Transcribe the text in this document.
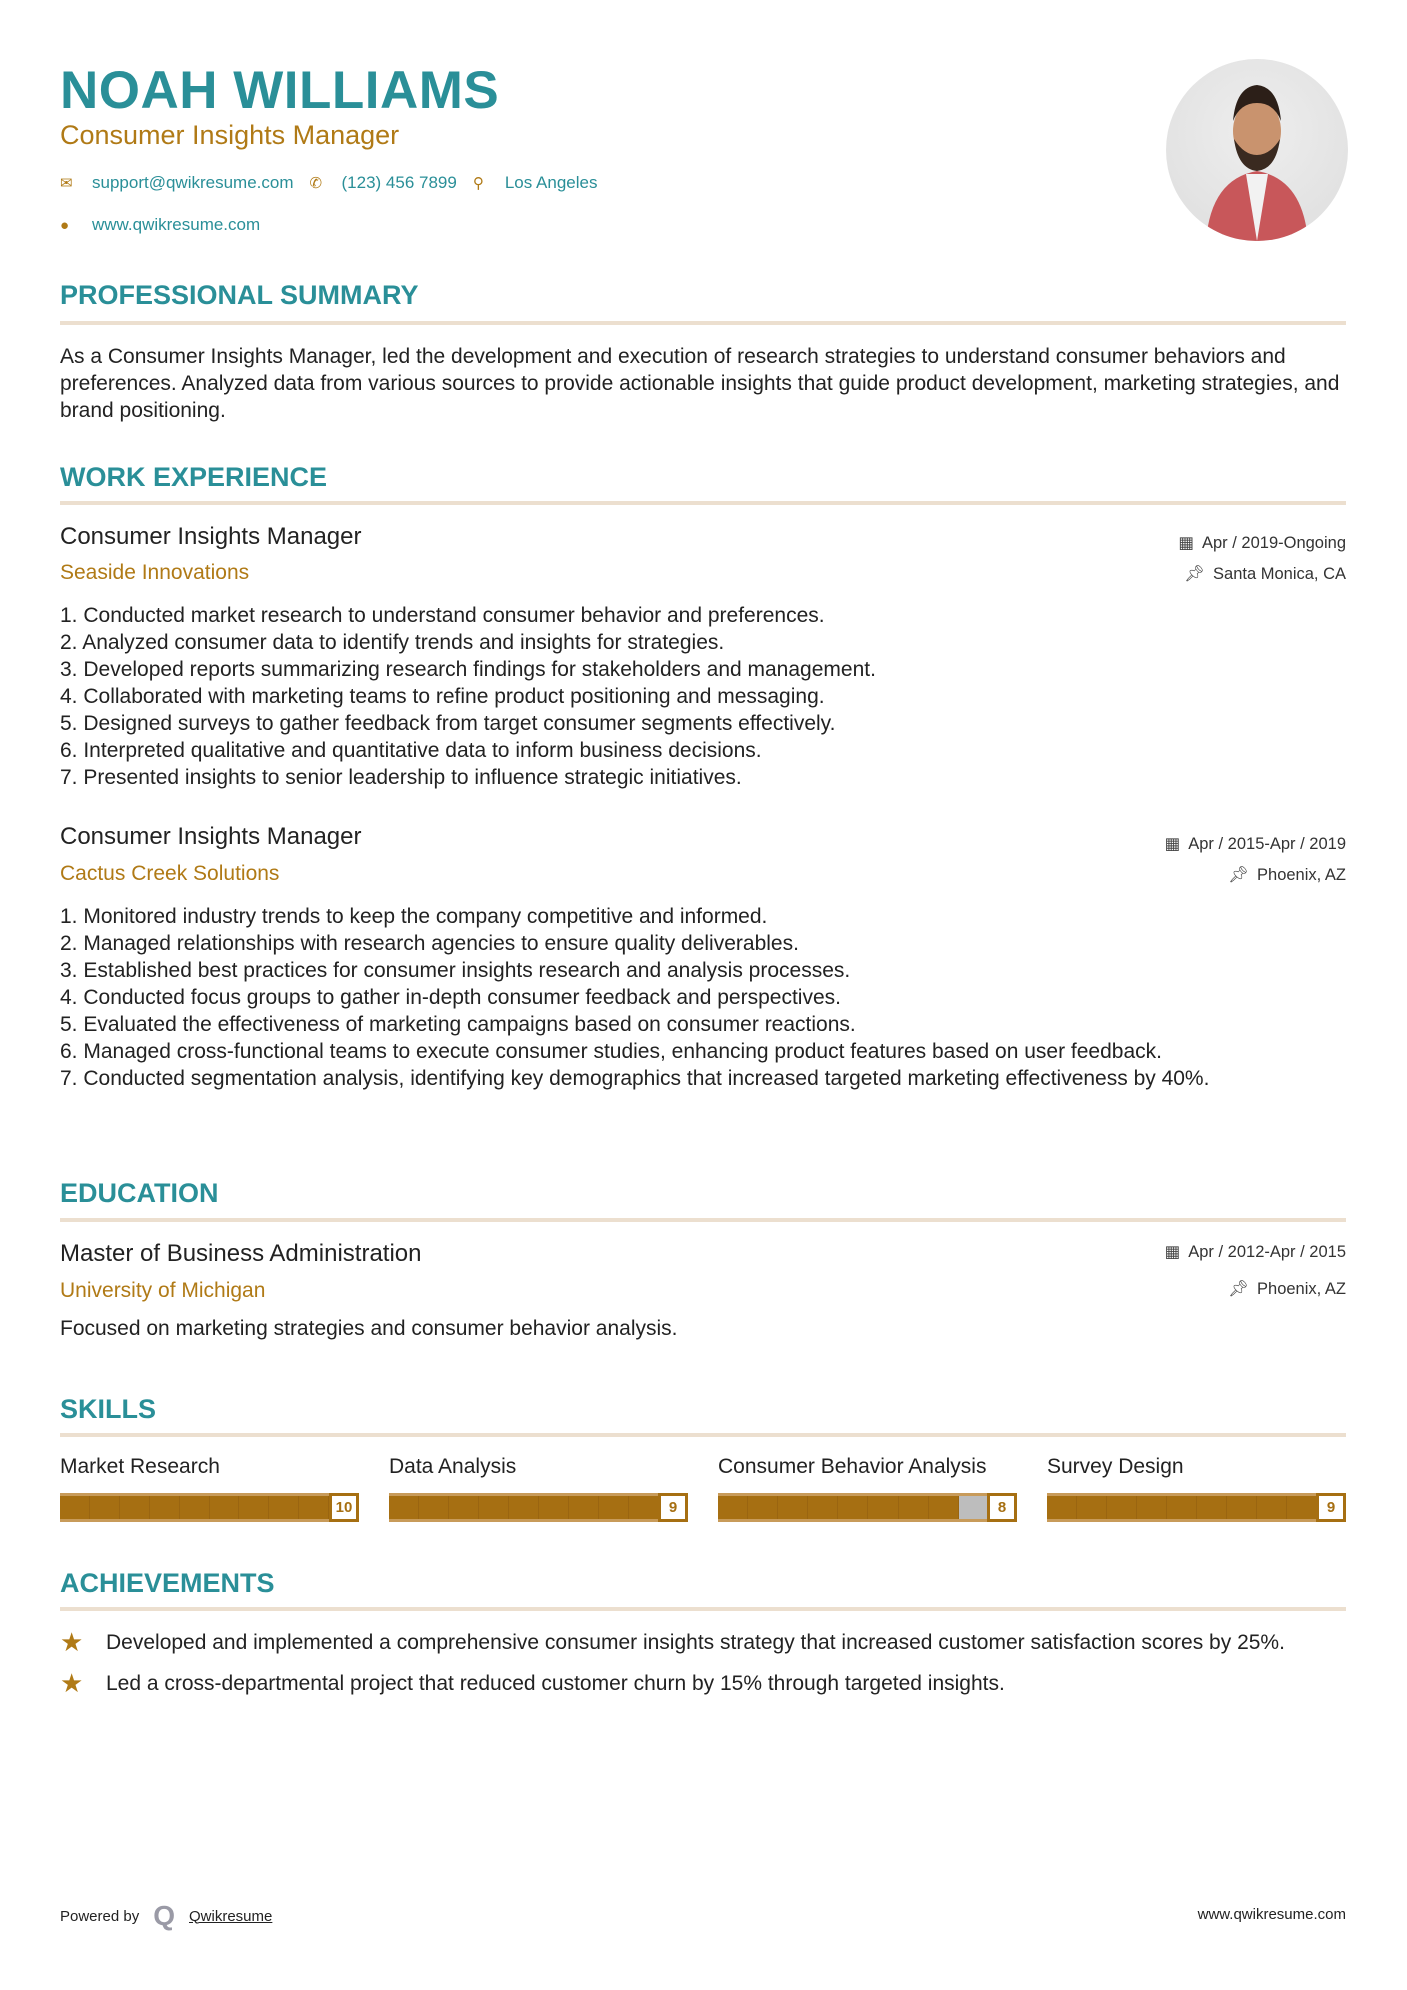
NOAH WILLIAMS
Consumer Insights Manager
✉	support@qwikresume.com ✆	(123) 456 7899 ⚲	Los Angeles
●	www.qwikresume.com
PROFESSIONAL SUMMARY
As a Consumer Insights Manager, led the development and execution of research strategies to understand consumer behaviors and preferences. Analyzed data from various sources to provide actionable insights that guide product development, marketing strategies, and brand positioning.
WORK EXPERIENCE
Consumer Insights Manager
Seaside Innovations
▦ Apr / 2019-Ongoing
📌︎ Santa Monica, CA
1. Conducted market research to understand consumer behavior and preferences.
2. Analyzed consumer data to identify trends and insights for strategies.
3. Developed reports summarizing research findings for stakeholders and management.
4. Collaborated with marketing teams to refine product positioning and messaging.
5. Designed surveys to gather feedback from target consumer segments effectively.
6. Interpreted qualitative and quantitative data to inform business decisions.
7. Presented insights to senior leadership to influence strategic initiatives.
Consumer Insights Manager
Cactus Creek Solutions
▦ Apr / 2015-Apr / 2019
📌︎ Phoenix, AZ
1. Monitored industry trends to keep the company competitive and informed.
2. Managed relationships with research agencies to ensure quality deliverables.
3. Established best practices for consumer insights research and analysis processes.
4. Conducted focus groups to gather in-depth consumer feedback and perspectives.
5. Evaluated the effectiveness of marketing campaigns based on consumer reactions.
6. Managed cross-functional teams to execute consumer studies, enhancing product features based on user feedback.
7. Conducted segmentation analysis, identifying key demographics that increased targeted marketing effectiveness by 40%.
EDUCATION
Master of Business Administration
University of Michigan
▦ Apr / 2012-Apr / 2015
📌︎ Phoenix, AZ
Focused on marketing strategies and consumer behavior analysis.
SKILLS
Market Research
10
Data Analysis
9
Consumer Behavior Analysis
8
Survey Design
9
ACHIEVEMENTS
★	Developed and implemented a comprehensive consumer insights strategy that increased customer satisfaction scores by 25%.
★	Led a cross-departmental project that reduced customer churn by 15% through targeted insights.
Powered by Q Qwikresume	www.qwikresume.com
